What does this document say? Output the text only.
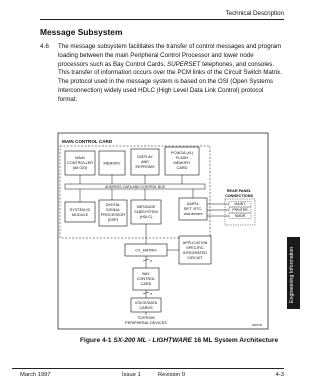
Technical Description
Message Subsystem
4.6 The message subsystem facilitates the transfer of control messages and program loading between the main Peripheral Control Processor and lower node processors such as Bay Control Cards, SUPERSET telephones, and consoles. This transfer of information occurs over the PCM links of the Circuit Switch Matrix. The protocol used in the message system is based on the OSI (Open Systems Interconnection) widely used HDLC (High Level Data Link Control) protocol format.
MAIN CONTROL CARD
MAIN
CONTROLLER
(68 020)
MEMORY
DISPLAY
AND
EEPROMS
PCMCIA (x1)
FLASH
MEMORY
CARD
ADDRESS, DATA AND CONTROL BUS
SYSTEM ID
MODULE
DIGITAL
SIGNAL
PROCESSOR
(DSP)
MESSAGE
SUBSYSTEM
(HDLC)
UARTs,
SIFT, RTC,
and drivers
REAR PANEL
CONNECTIONS
MAINT
PRINTER
SMDR
CX_MATRIX
APPLICATION
SPECIFIC
INTEGRATED
CIRCUIT
n
BAY
CONTROL
CARD
n
VOICE/DATA
CARDS
TO/FROM
PERIPHERAL DEVICES	0281TR
Figure 4-1 SX-200 ML - LIGHTWARE 16 ML System Architecture
Engineering Information
March 1997	Issue 1	Revision 0	4-3
